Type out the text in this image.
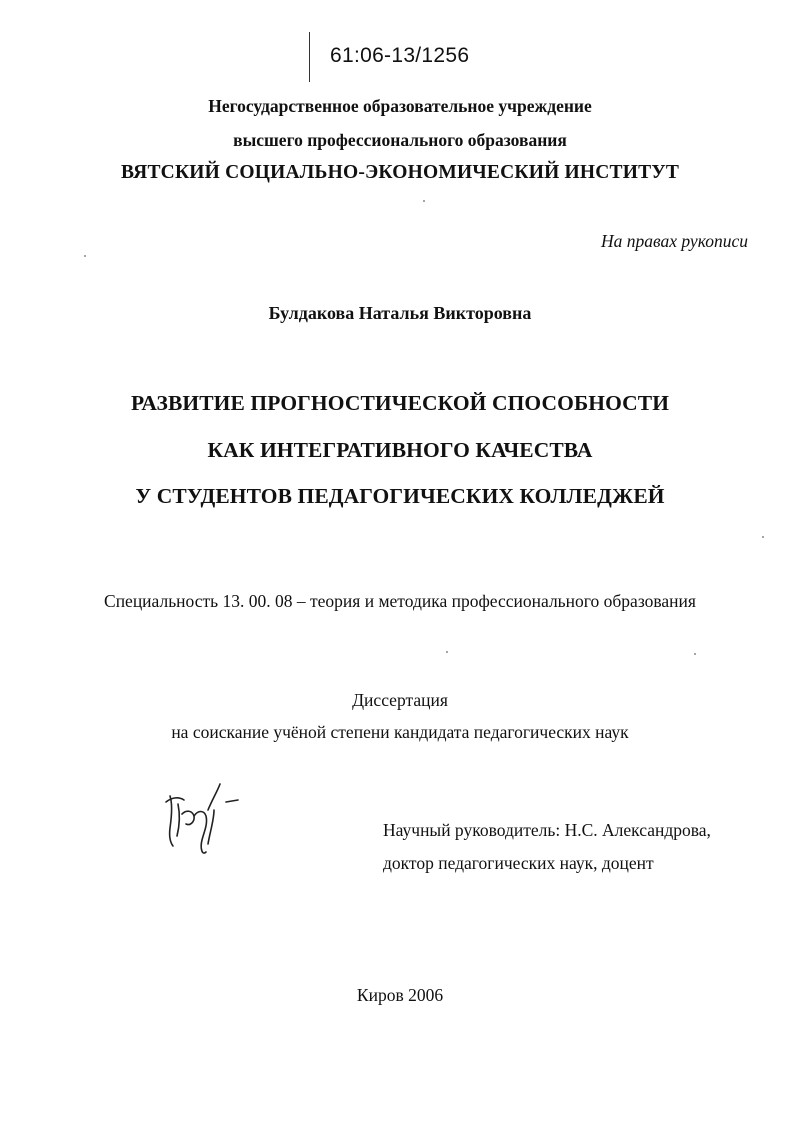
61:06-13/1256
Негосударственное образовательное учреждение
высшего профессионального образования
ВЯТСКИЙ СОЦИАЛЬНО-ЭКОНОМИЧЕСКИЙ ИНСТИТУТ
На правах рукописи
Булдакова Наталья Викторовна
РАЗВИТИЕ ПРОГНОСТИЧЕСКОЙ СПОСОБНОСТИ
КАК ИНТЕГРАТИВНОГО КАЧЕСТВА
У СТУДЕНТОВ ПЕДАГОГИЧЕСКИХ КОЛЛЕДЖЕЙ
Специальность 13. 00. 08 – теория и методика профессионального образования
Диссертация
на соискание учёной степени кандидата педагогических наук
Научный руководитель: Н.С. Александрова,
доктор педагогических наук, доцент
Киров 2006
